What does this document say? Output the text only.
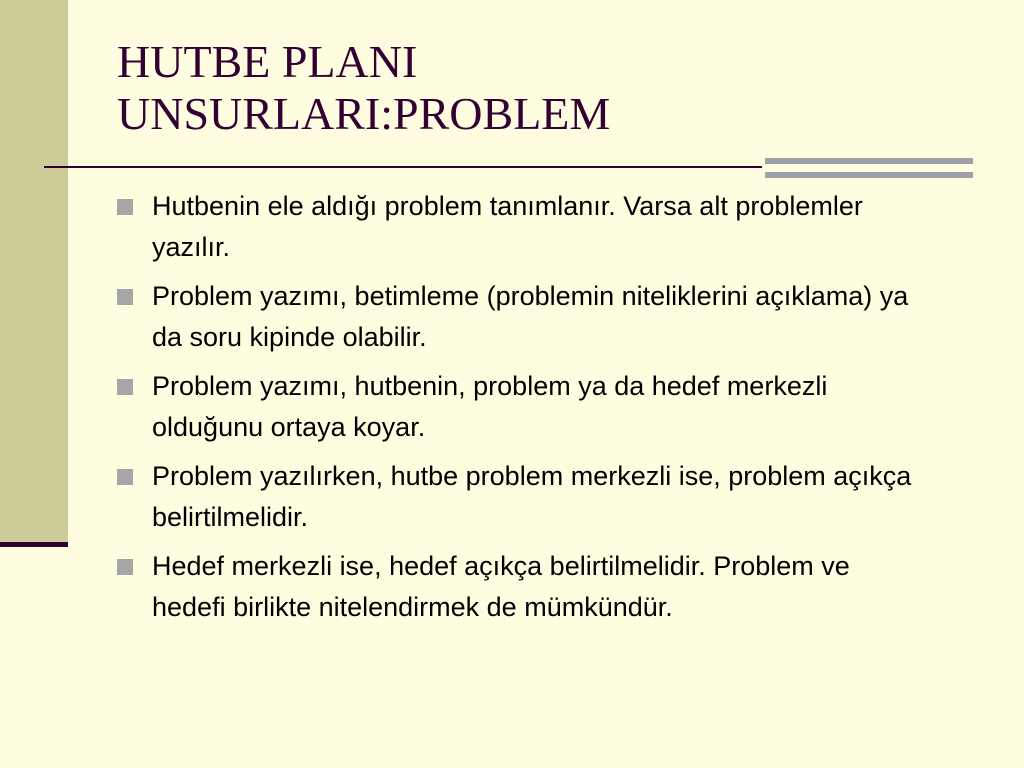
HUTBE PLANI
UNSURLARI:PROBLEM
Hutbenin ele aldığı problem tanımlanır. Varsa alt problemler yazılır.
Problem yazımı, betimleme (problemin niteliklerini açıklama) ya da soru kipinde olabilir.
Problem yazımı, hutbenin, problem ya da hedef merkezli olduğunu ortaya koyar.
Problem yazılırken, hutbe problem merkezli ise, problem açıkça belirtilmelidir.
Hedef merkezli ise, hedef açıkça belirtilmelidir. Problem ve hedefi birlikte nitelendirmek de mümkündür.
